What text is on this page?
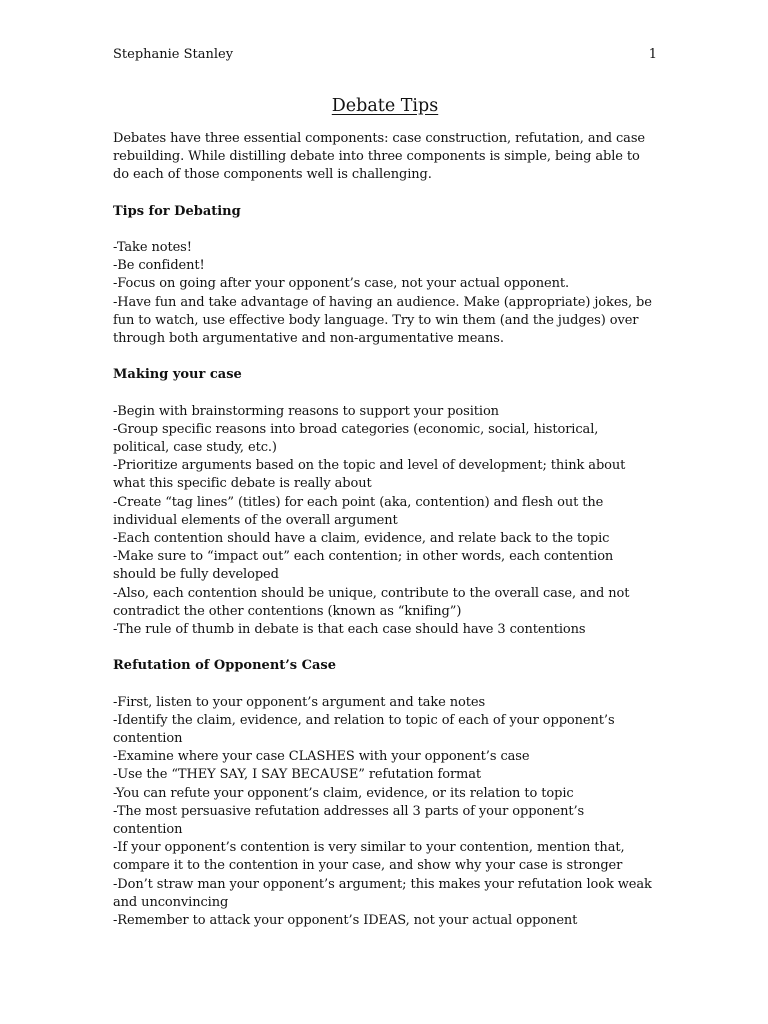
Stephanie Stanley	1
Debate Tips

Debates have three essential components: case construction, refutation, and case rebuilding. While distilling debate into three components is simple, being able to do each of those components well is challenging.

Tips for Debating
-Take notes!
-Be confident!
-Focus on going after your opponent’s case, not your actual opponent.
-Have fun and take advantage of having an audience. Make (appropriate) jokes, be fun to watch, use effective body language. Try to win them (and the judges) over through both argumentative and non-argumentative means.
Making your case
-Begin with brainstorming reasons to support your position
-Group specific reasons into broad categories (economic, social, historical, political, case study, etc.)
-Prioritize arguments based on the topic and level of development; think about what this specific debate is really about
-Create “tag lines” (titles) for each point (aka, contention) and flesh out the individual elements of the overall argument
-Each contention should have a claim, evidence, and relate back to the topic
-Make sure to “impact out” each contention; in other words, each contention should be fully developed
-Also, each contention should be unique, contribute to the overall case, and not contradict the other contentions (known as “knifing”)
-The rule of thumb in debate is that each case should have 3 contentions
Refutation of Opponent’s Case
-First, listen to your opponent’s argument and take notes
-Identify the claim, evidence, and relation to topic of each of your opponent’s contention
-Examine where your case CLASHES with your opponent’s case
-Use the “THEY SAY, I SAY BECAUSE” refutation format
-You can refute your opponent’s claim, evidence, or its relation to topic
-The most persuasive refutation addresses all 3 parts of your opponent’s contention
-If your opponent’s contention is very similar to your contention, mention that, compare it to the contention in your case, and show why your case is stronger
-Don’t straw man your opponent’s argument; this makes your refutation look weak and unconvincing
-Remember to attack your opponent’s IDEAS, not your actual opponent
